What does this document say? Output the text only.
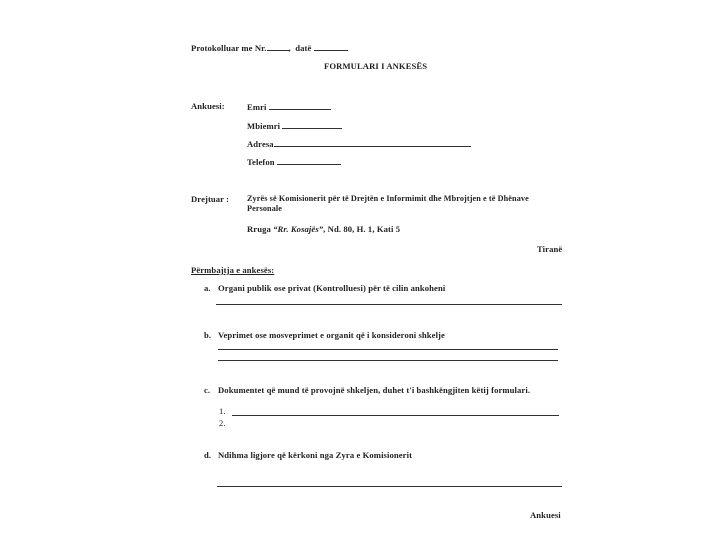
Protokolluar me Nr.	, datë
FORMULARI I ANKESËS
Ankuesi:	Emri
Mbiemri
Adresa
Telefon
Drejtuar : Zyrës së Komisionerit për të Drejtën e Informimit dhe Mbrojtjen e të Dhënave
Personale
Rruga “Rr. Kosajës”, Nd. 80, H. 1, Kati 5
Tiranë
Përmbajtja e ankesës:
a. Organi publik ose privat (Kontrolluesi) për të cilin ankoheni
b. Veprimet ose mosveprimet e organit që i konsideroni shkelje
c. Dokumentet që mund të provojnë shkeljen, duhet t'i bashkëngjiten këtij formulari.
1.
2.
d. Ndihma ligjore që kërkoni nga Zyra e Komisionerit
Ankuesi
